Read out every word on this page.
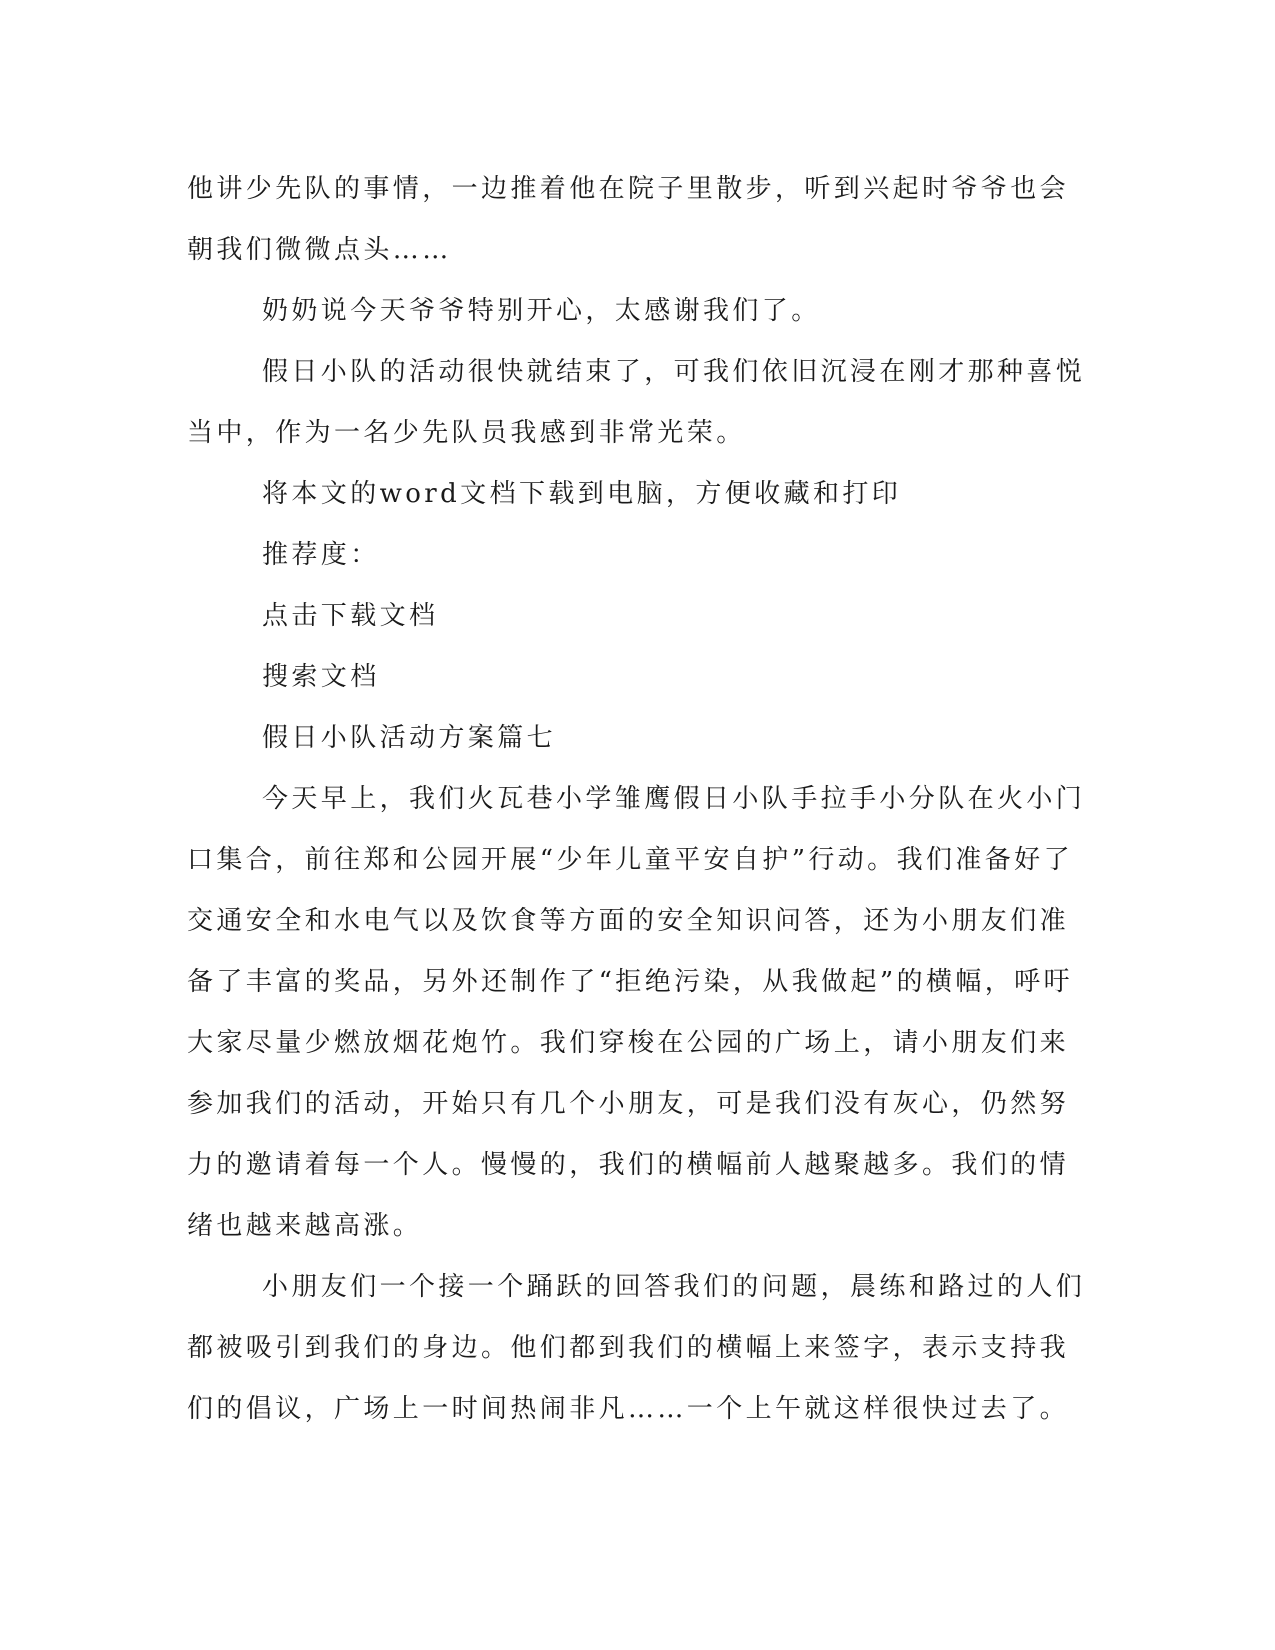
他讲少先队的事情，一边推着他在院子里散步，听到兴起时爷爷也会
朝我们微微点头……

奶奶说今天爷爷特别开心，太感谢我们了。

假日小队的活动很快就结束了，可我们依旧沉浸在刚才那种喜悦
当中，作为一名少先队员我感到非常光荣。

将本文的word文档下载到电脑，方便收藏和打印

推荐度：

点击下载文档

搜索文档

假日小队活动方案篇七

今天早上，我们火瓦巷小学雏鹰假日小队手拉手小分队在火小门
口集合，前往郑和公园开展“少年儿童平安自护”行动。我们准备好了
交通安全和水电气以及饮食等方面的安全知识问答，还为小朋友们准
备了丰富的奖品，另外还制作了“拒绝污染，从我做起”的横幅，呼吁
大家尽量少燃放烟花炮竹。我们穿梭在公园的广场上，请小朋友们来
参加我们的活动，开始只有几个小朋友，可是我们没有灰心，仍然努
力的邀请着每一个人。慢慢的，我们的横幅前人越聚越多。我们的情
绪也越来越高涨。

小朋友们一个接一个踊跃的回答我们的问题，晨练和路过的人们
都被吸引到我们的身边。他们都到我们的横幅上来签字，表示支持我
们的倡议，广场上一时间热闹非凡……一个上午就这样很快过去了。
